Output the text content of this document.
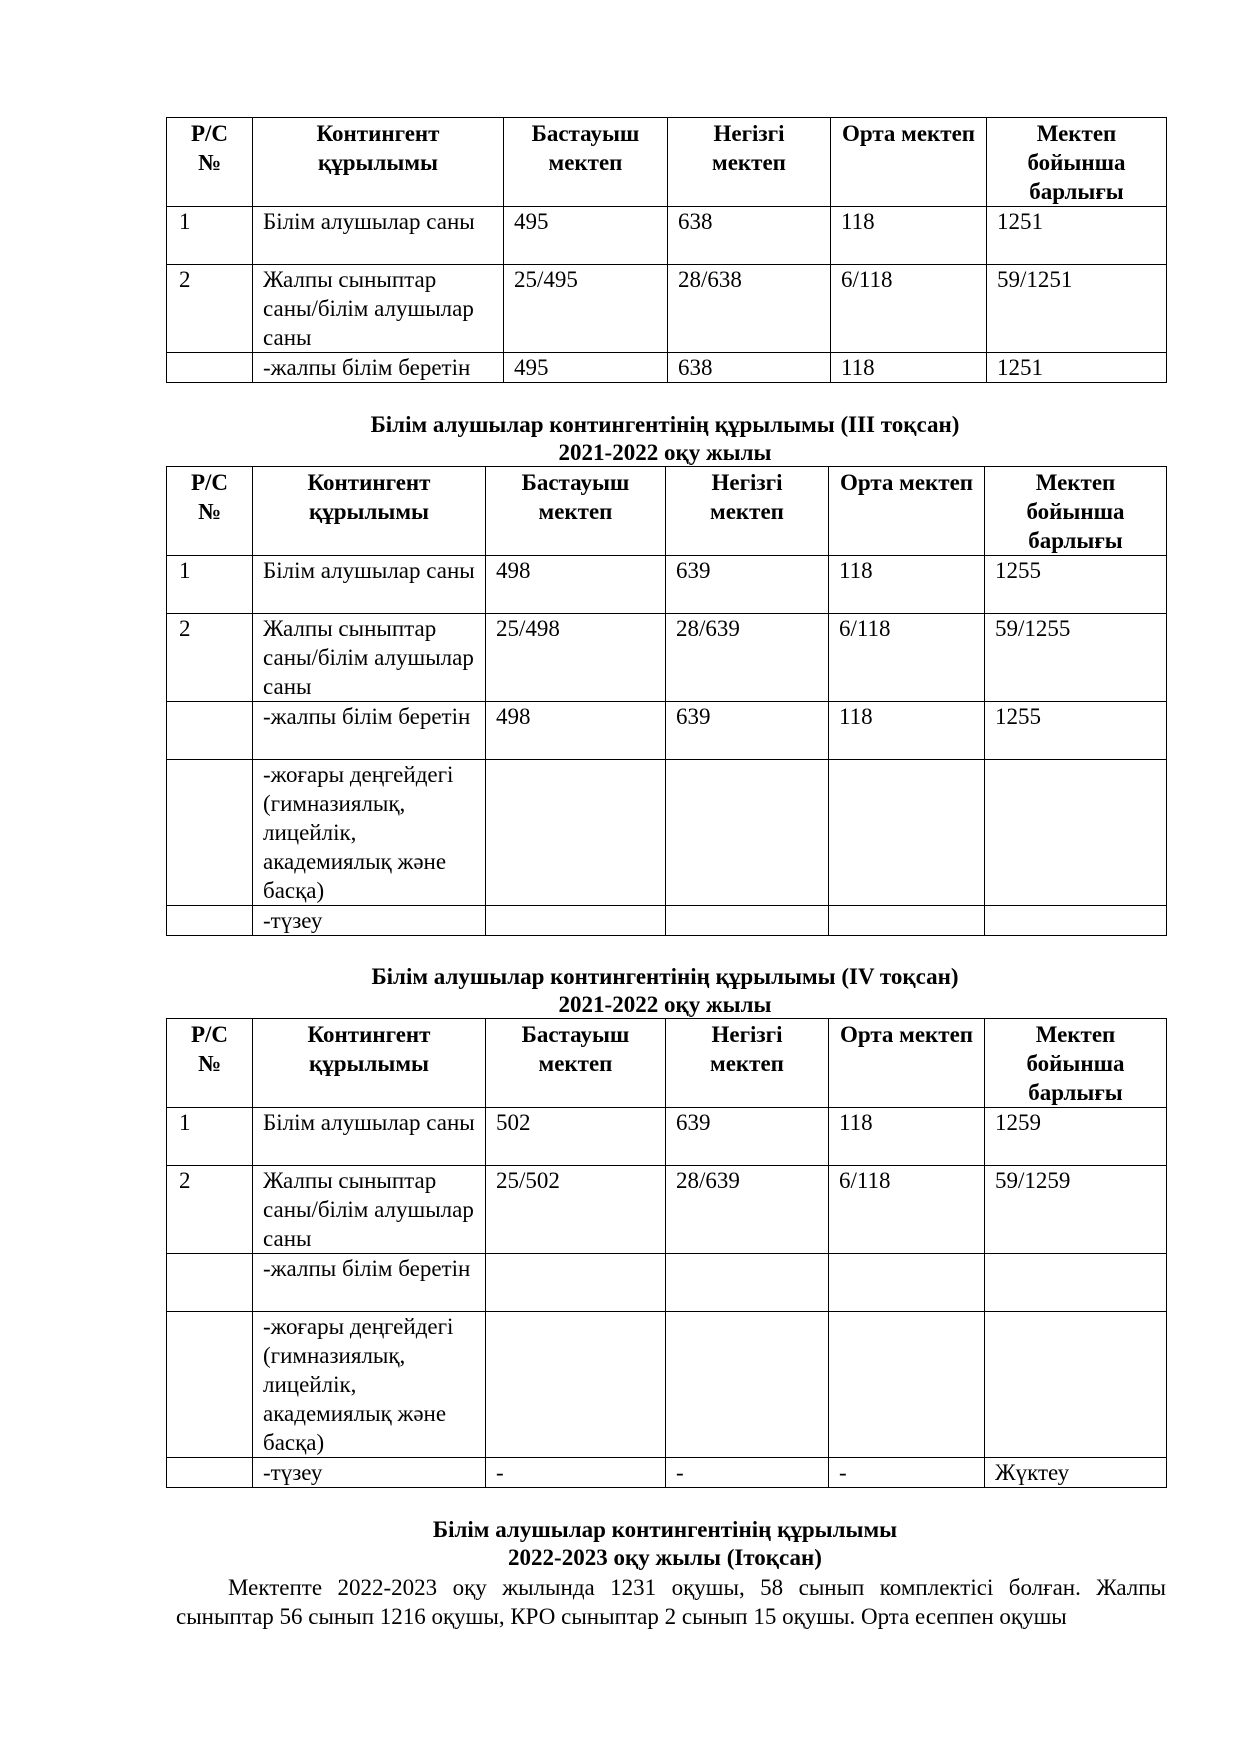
Р/С №	Контингент құрылымы	Бастауыш мектеп	Негізгі мектеп	Орта мектеп	Мектеп бойынша барлығы
1	Білім алушылар саны	495	638	118	1251
2	Жалпы сыныптар саны/білім алушылар саны	25/495	28/638	6/118	59/1251
	-жалпы білім беретін	495	638	118	1251
Білім алушылар контингентінің құрылымы (ІІІ тоқсан)
2021-2022 оқу жылы
Р/С №	Контингент құрылымы	Бастауыш мектеп	Негізгі мектеп	Орта мектеп	Мектеп бойынша барлығы
1	Білім алушылар саны	498	639	118	1255
2	Жалпы сыныптар саны/білім алушылар саны	25/498	28/639	6/118	59/1255
	-жалпы білім беретін	498	639	118	1255
	-жоғары деңгейдегі (гимназиялық, лицейлік, академиялық және басқа)				
	-түзеу				
Білім алушылар контингентінің құрылымы (ІV тоқсан)
2021-2022 оқу жылы
Р/С №	Контингент құрылымы	Бастауыш мектеп	Негізгі мектеп	Орта мектеп	Мектеп бойынша барлығы
1	Білім алушылар саны	502	639	118	1259
2	Жалпы сыныптар саны/білім алушылар саны	25/502	28/639	6/118	59/1259
	-жалпы білім беретін				
	-жоғары деңгейдегі (гимназиялық, лицейлік, академиялық және басқа)				
	-түзеу	-	-	-	Жүктеу
Білім алушылар контингентінің құрылымы
2022-2023 оқу жылы (Ітоқсан)
Мектепте 2022-2023 оқу жылында 1231 оқушы, 58 сынып комплектісі болған. Жалпы сыныптар 56 сынып 1216 оқушы, КРО сыныптар 2 сынып 15 оқушы. Орта есеппен оқушы
